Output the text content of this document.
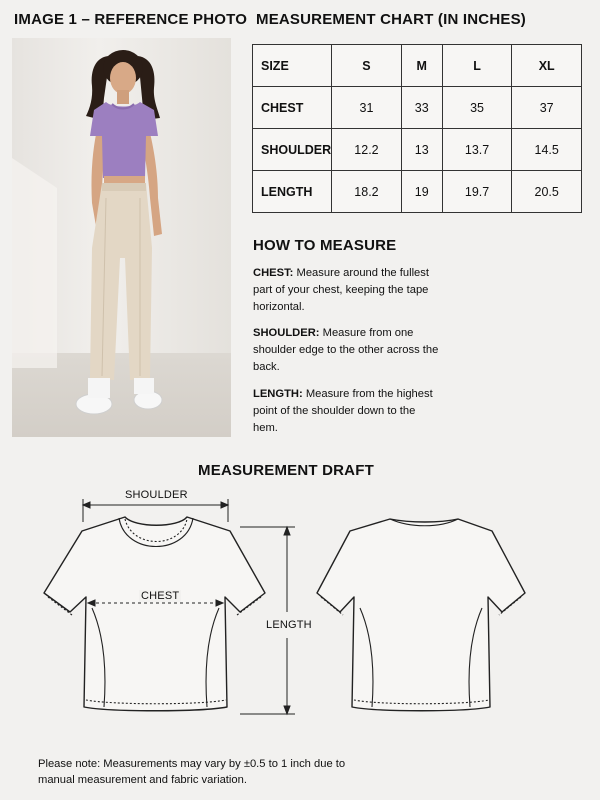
IMAGE 1 – REFERENCE PHOTO MEASUREMENT CHART (IN INCHES)
SIZE	S	M	L	XL
CHEST	31	33	35	37
SHOULDER	12.2	13	13.7	14.5
LENGTH	18.2	19	19.7	20.5
HOW TO MEASURE
CHEST: Measure around the fullest part of your chest, keeping the tape horizontal.
SHOULDER: Measure from one shoulder edge to the other across the back.
LENGTH: Measure from the highest point of the shoulder down to the hem.
MEASUREMENT DRAFT
SHOULDER
CHEST
LENGTH
Please note: Measurements may vary by ±0.5 to 1 inch due to manual measurement and fabric variation.
